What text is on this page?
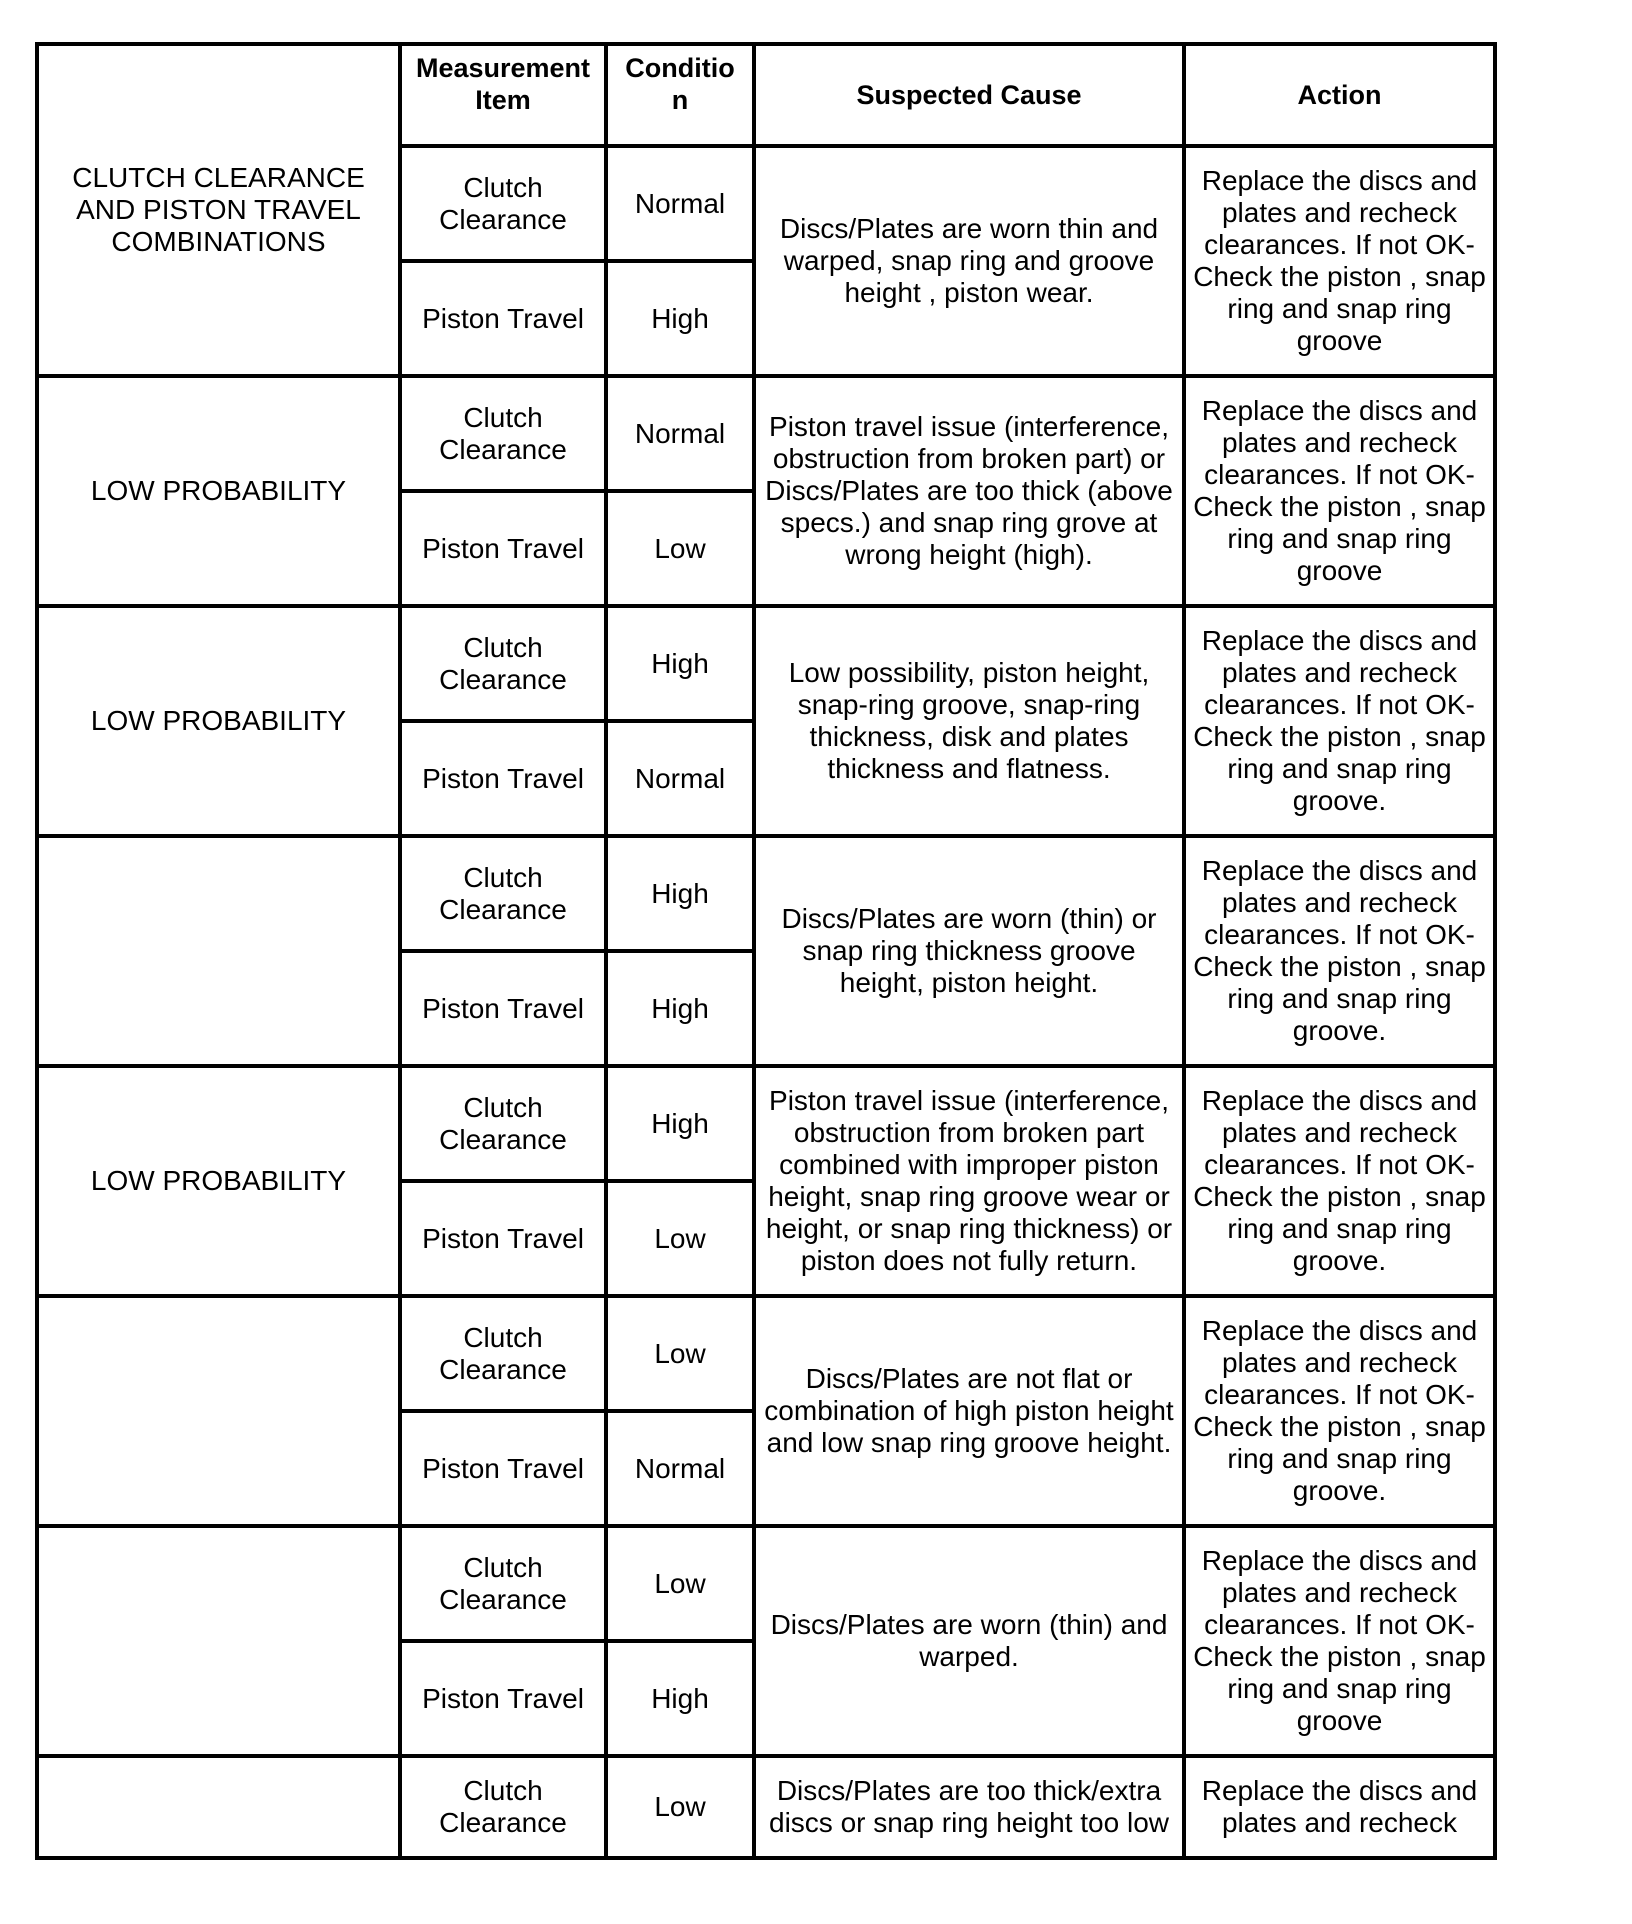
CLUTCH CLEARANCE AND PISTON TRAVEL COMBINATIONS	Measurement Item	Conditio n	Suspected Cause	Action
	Clutch Clearance	Normal	Discs/Plates are worn thin and warped, snap ring and groove height , piston wear.	Replace the discs and plates and recheck clearances. If not OK- Check the piston , snap ring and snap ring groove
	Piston Travel	High		
LOW PROBABILITY	Clutch Clearance	Normal	Piston travel issue (interference, obstruction from broken part) or Discs/Plates are too thick (above specs.) and snap ring grove at wrong height (high).	Replace the discs and plates and recheck clearances. If not OK- Check the piston , snap ring and snap ring groove
	Piston Travel	Low		
LOW PROBABILITY	Clutch Clearance	High	Low possibility, piston height, snap-ring groove, snap-ring thickness, disk and plates thickness and flatness.	Replace the discs and plates and recheck clearances. If not OK- Check the piston , snap ring and snap ring groove.
	Piston Travel	Normal		
	Clutch Clearance	High	Discs/Plates are worn (thin) or snap ring thickness groove height, piston height.	Replace the discs and plates and recheck clearances. If not OK- Check the piston , snap ring and snap ring groove.
	Piston Travel	High		
LOW PROBABILITY	Clutch Clearance	High	Piston travel issue (interference, obstruction from broken part combined with improper piston height, snap ring groove wear or height, or snap ring thickness) or piston does not fully return.	Replace the discs and plates and recheck clearances. If not OK- Check the piston , snap ring and snap ring groove.
	Piston Travel	Low		
	Clutch Clearance	Low	Discs/Plates are not flat or combination of high piston height and low snap ring groove height.	Replace the discs and plates and recheck clearances. If not OK- Check the piston , snap ring and snap ring groove.
	Piston Travel	Normal		
	Clutch Clearance	Low	Discs/Plates are worn (thin) and warped.	Replace the discs and plates and recheck clearances. If not OK- Check the piston , snap ring and snap ring groove
	Piston Travel	High		
	Clutch Clearance	Low	Discs/Plates are too thick/extra discs or snap ring height too low	Replace the discs and plates and recheck
